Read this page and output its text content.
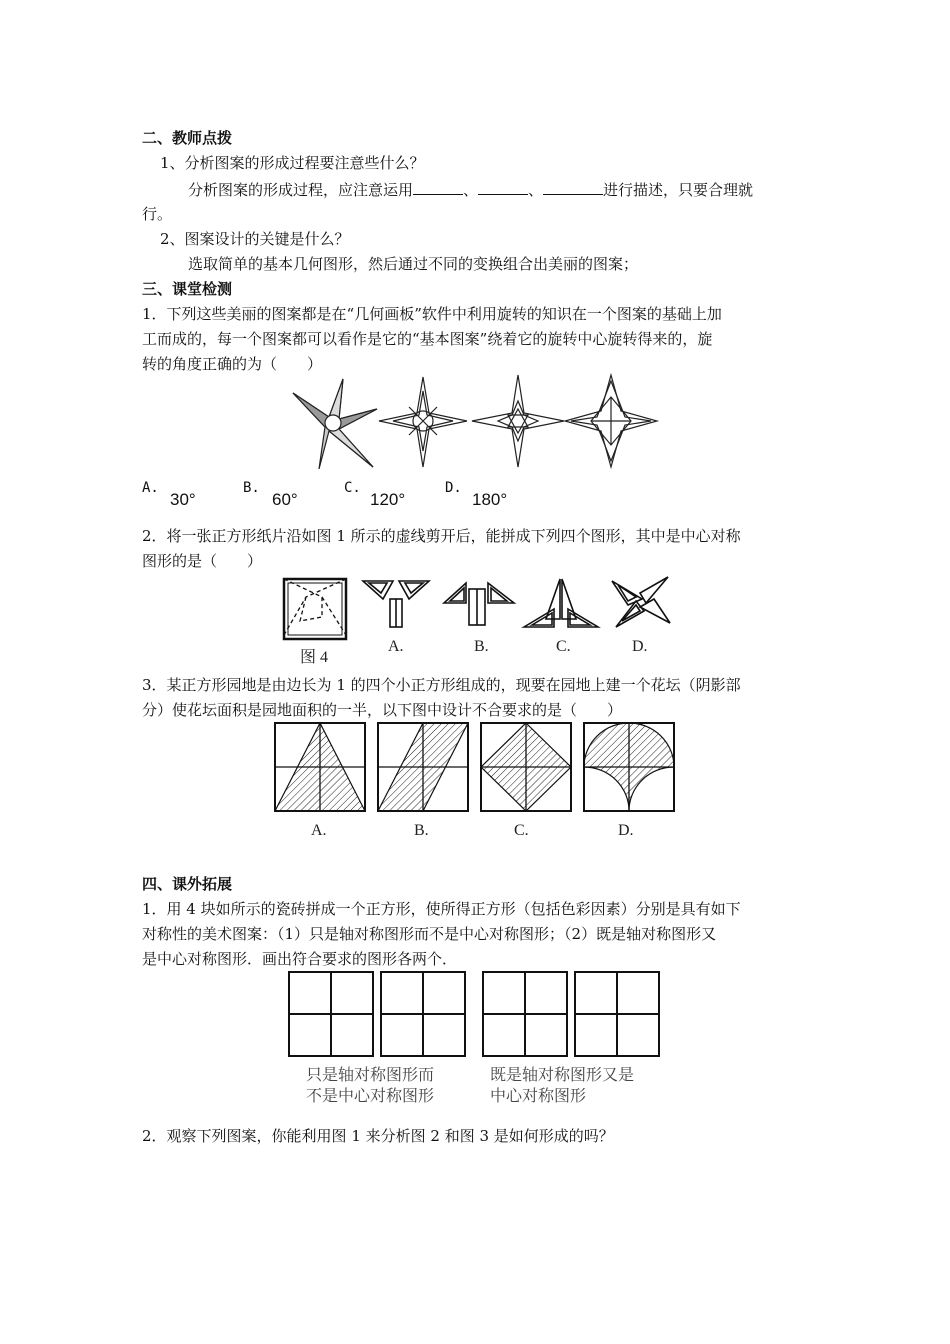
二、教师点拨
1、分析图案的形成过程要注意些什么？
分析图案的形成过程，应注意运用	、	、	进行描述，只要合理就
行。
2、图案设计的关键是什么？
选取简单的基本几何图形，然后通过不同的变换组合出美丽的图案；
三、课堂检测
1．下列这些美丽的图案都是在“几何画板”软件中利用旋转的知识在一个图案的基础上加
工而成的，每一个图案都可以看作是它的“基本图案”绕着它的旋转中心旋转得来的，旋
转的角度正确的为（　　）
A.
30°
B.
60°
C.
120°
D.
180°
2．将一张正方形纸片沿如图 1 所示的虚线剪开后，能拼成下列四个图形，其中是中心对称
图形的是（　　）
图 4
A.	B.	C.	D.
3．某正方形园地是由边长为 1 的四个小正方形组成的，现要在园地上建一个花坛（阴影部
分）使花坛面积是园地面积的一半，以下图中设计不合要求的是（　　）
A.	B.	C.	D.
四、课外拓展
1．用 4 块如所示的瓷砖拼成一个正方形，使所得正方形（包括色彩因素）分别是具有如下
对称性的美术图案：（1）只是轴对称图形而不是中心对称图形；（2）既是轴对称图形又
是中心对称图形．画出符合要求的图形各两个．
只是轴对称图形而
不是中心对称图形
既是轴对称图形又是
中心对称图形
2．观察下列图案，你能利用图 1 来分析图 2 和图 3 是如何形成的吗？
